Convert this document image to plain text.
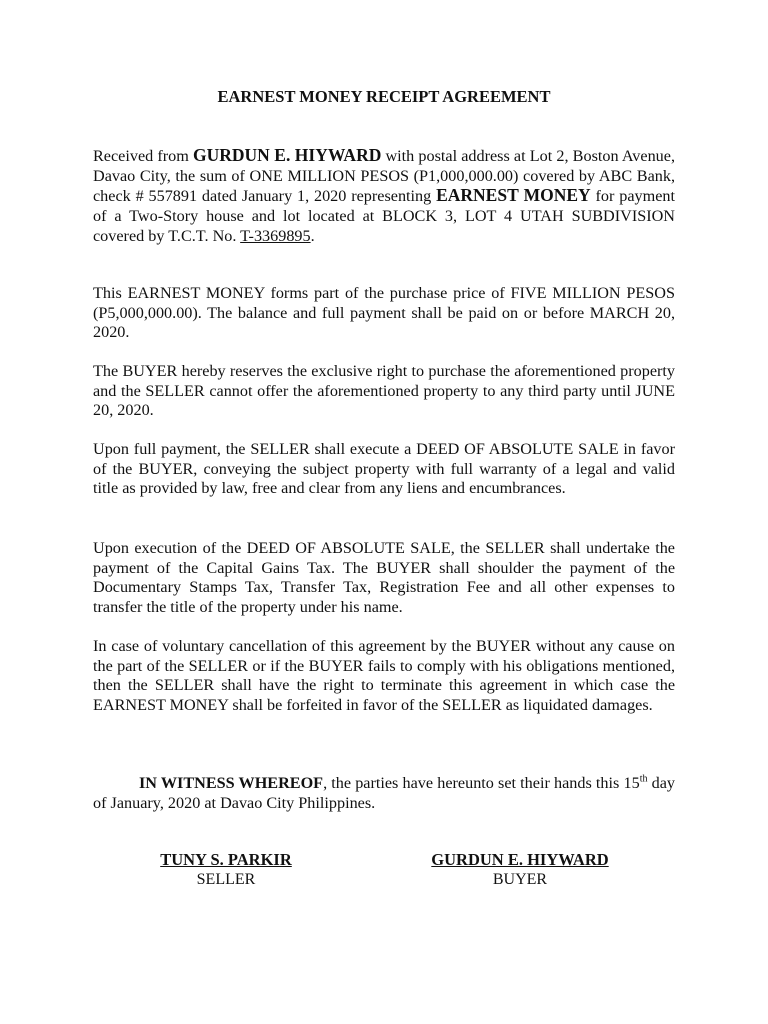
EARNEST MONEY RECEIPT AGREEMENT

Received from GURDUN E. HIYWARD with postal address at Lot 2, Boston Avenue, Davao City, the sum of ONE MILLION PESOS (P1,000,000.00) covered by ABC Bank, check # 557891 dated January 1, 2020 representing EARNEST MONEY for payment of a Two-Story house and lot located at BLOCK 3, LOT 4 UTAH SUBDIVISION covered by T.C.T. No. T-3369895.

This EARNEST MONEY forms part of the purchase price of FIVE MILLION PESOS (P5,000,000.00). The balance and full payment shall be paid on or before MARCH 20, 2020.

The BUYER hereby reserves the exclusive right to purchase the aforementioned property and the SELLER cannot offer the aforementioned property to any third party until JUNE 20, 2020.

Upon full payment, the SELLER shall execute a DEED OF ABSOLUTE SALE in favor of the BUYER, conveying the subject property with full warranty of a legal and valid title as provided by law, free and clear from any liens and encumbrances.

Upon execution of the DEED OF ABSOLUTE SALE, the SELLER shall undertake the payment of the Capital Gains Tax. The BUYER shall shoulder the payment of the Documentary Stamps Tax, Transfer Tax, Registration Fee and all other expenses to transfer the title of the property under his name.

In case of voluntary cancellation of this agreement by the BUYER without any cause on the part of the SELLER or if the BUYER fails to comply with his obligations mentioned, then the SELLER shall have the right to terminate this agreement in which case the EARNEST MONEY shall be forfeited in favor of the SELLER as liquidated damages.

IN WITNESS WHEREOF, the parties have hereunto set their hands this 15th day of January, 2020 at Davao City Philippines.

TUNY S. PARKIR
SELLER
GURDUN E. HIYWARD
BUYER
